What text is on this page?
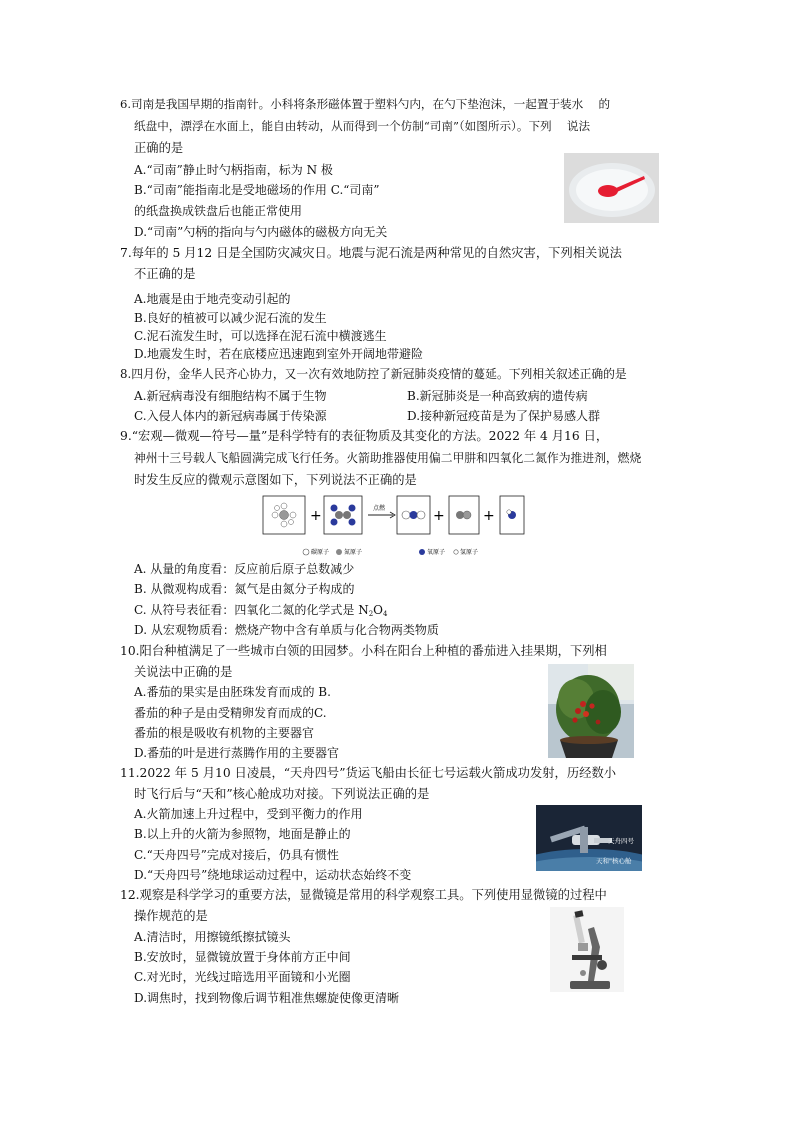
6.司南是我国早期的指南针。小科将条形磁体置于塑料勺内，在勺下垫泡沫，一起置于装水　 的
纸盘中，漂浮在水面上，能自由转动，从而得到一个仿制“司南”（如图所示）。下列　 说法
正确的是
A.“司南”静止时勺柄指南，标为 N 极
B.“司南”能指南北是受地磁场的作用 C.“司南”
的纸盘换成铁盘后也能正常使用
D.“司南”勺柄的指向与勺内磁体的磁极方向无关
7.每年的 5 月12 日是全国防灾减灾日。地震与泥石流是两种常见的自然灾害，下列相关说法
不正确的是
A.地震是由于地壳变动引起的
B.良好的植被可以减少泥石流的发生
C.泥石流发生时，可以选择在泥石流中横渡逃生
D.地震发生时，若在底楼应迅速跑到室外开阔地带避险
8.四月份，金华人民齐心协力，又一次有效地防控了新冠肺炎疫情的蔓延。下列相关叙述正确的是
A.新冠病毒没有细胞结构不属于生物	B.新冠肺炎是一种高致病的遗传病
C.入侵人体内的新冠病毒属于传染源	D.接种新冠疫苗是为了保护易感人群
9.“宏观—微观—符号—量”是科学特有的表征物质及其变化的方法。2022 年 4 月16 日，
神州十三号载人飞船圆满完成飞行任务。火箭助推器使用偏二甲肼和四氧化二氮作为推进剂，燃烧
时发生反应的微观示意图如下，下列说法不正确的是
+	点燃	+	+
碳原子 氮原子	氧原子 氢原子
A. 从量的角度看：反应前后原子总数减少
B. 从微观构成看：氮气是由氮分子构成的
C. 从符号表征看：四氧化二氮的化学式是 N2O4
D. 从宏观物质看：燃烧产物中含有单质与化合物两类物质
10.阳台种植满足了一些城市白领的田园梦。小科在阳台上种植的番茄进入挂果期，下列相
关说法中正确的是
A.番茄的果实是由胚珠发育而成的 B.
番茄的种子是由受精卵发育而成的C.
番茄的根是吸收有机物的主要器官
D.番茄的叶是进行蒸腾作用的主要器官
11.2022 年 5 月10 日凌晨，“天舟四号”货运飞船由长征七号运载火箭成功发射，历经数小
时飞行后与“天和”核心舱成功对接。下列说法正确的是
A.火箭加速上升过程中，受到平衡力的作用
B.以上升的火箭为参照物，地面是静止的
C.“天舟四号”完成对接后，仍具有惯性
D.“天舟四号”绕地球运动过程中，运动状态始终不变
天舟四号
天和"核心舱
12.观察是科学学习的重要方法，显微镜是常用的科学观察工具。下列使用显微镜的过程中
操作规范的是
A.清洁时，用擦镜纸擦拭镜头
B.安放时，显微镜放置于身体前方正中间
C.对光时，光线过暗选用平面镜和小光圈
D.调焦时，找到物像后调节粗准焦螺旋使像更清晰
